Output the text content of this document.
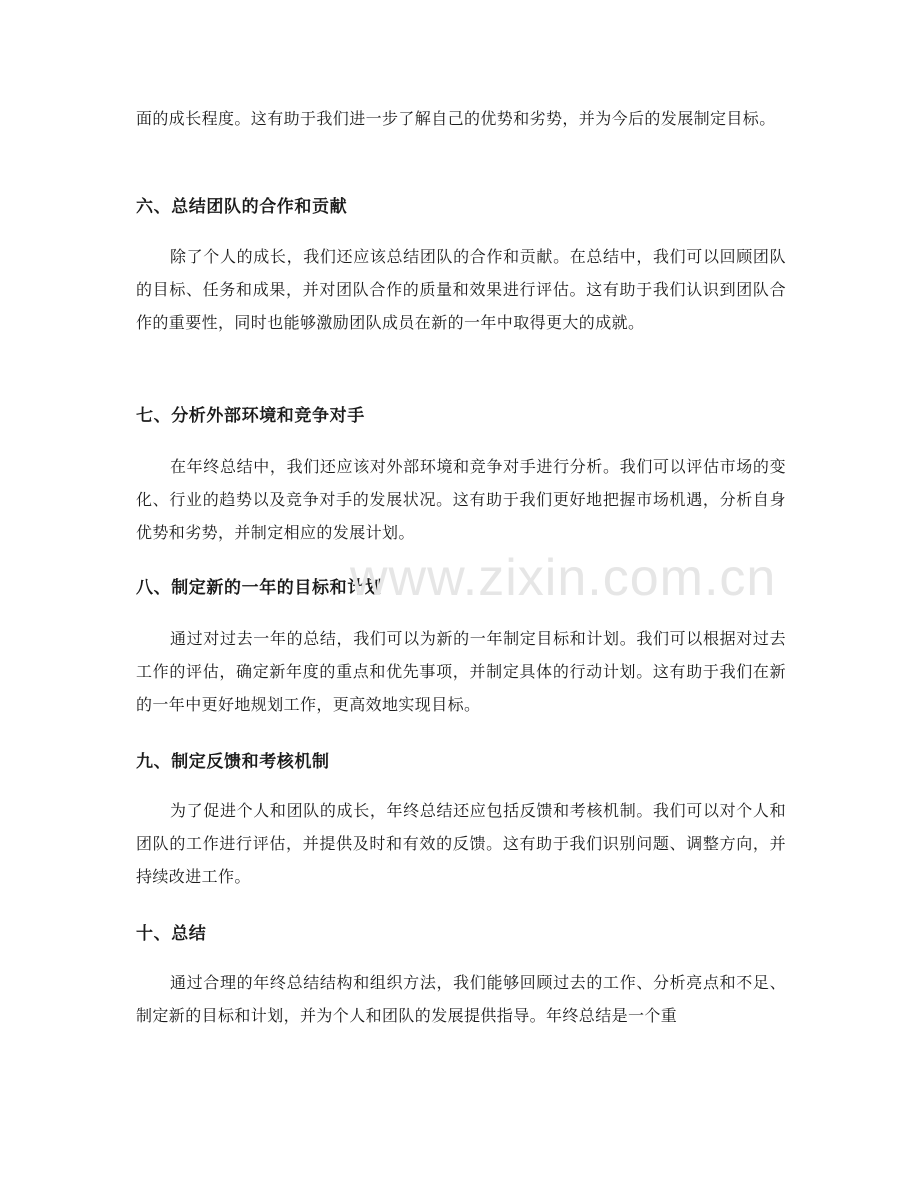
面的成长程度。这有助于我们进一步了解自己的优势和劣势，并为今后的发展制定目标。

六、总结团队的合作和贡献

除了个人的成长，我们还应该总结团队的合作和贡献。在总结中，我们可以回顾团队的目标、任务和成果，并对团队合作的质量和效果进行评估。这有助于我们认识到团队合作的重要性，同时也能够激励团队成员在新的一年中取得更大的成就。

七、分析外部环境和竞争对手

在年终总结中，我们还应该对外部环境和竞争对手进行分析。我们可以评估市场的变化、行业的趋势以及竞争对手的发展状况。这有助于我们更好地把握市场机遇，分析自身优势和劣势，并制定相应的发展计划。

八、制定新的一年的目标和计划

通过对过去一年的总结，我们可以为新的一年制定目标和计划。我们可以根据对过去工作的评估，确定新年度的重点和优先事项，并制定具体的行动计划。这有助于我们在新的一年中更好地规划工作，更高效地实现目标。

九、制定反馈和考核机制

为了促进个人和团队的成长，年终总结还应包括反馈和考核机制。我们可以对个人和团队的工作进行评估，并提供及时和有效的反馈。这有助于我们识别问题、调整方向，并持续改进工作。

十、总结

通过合理的年终总结结构和组织方法，我们能够回顾过去的工作、分析亮点和不足、制定新的目标和计划，并为个人和团队的发展提供指导。年终总结是一个重

www.zixin.com.cn
